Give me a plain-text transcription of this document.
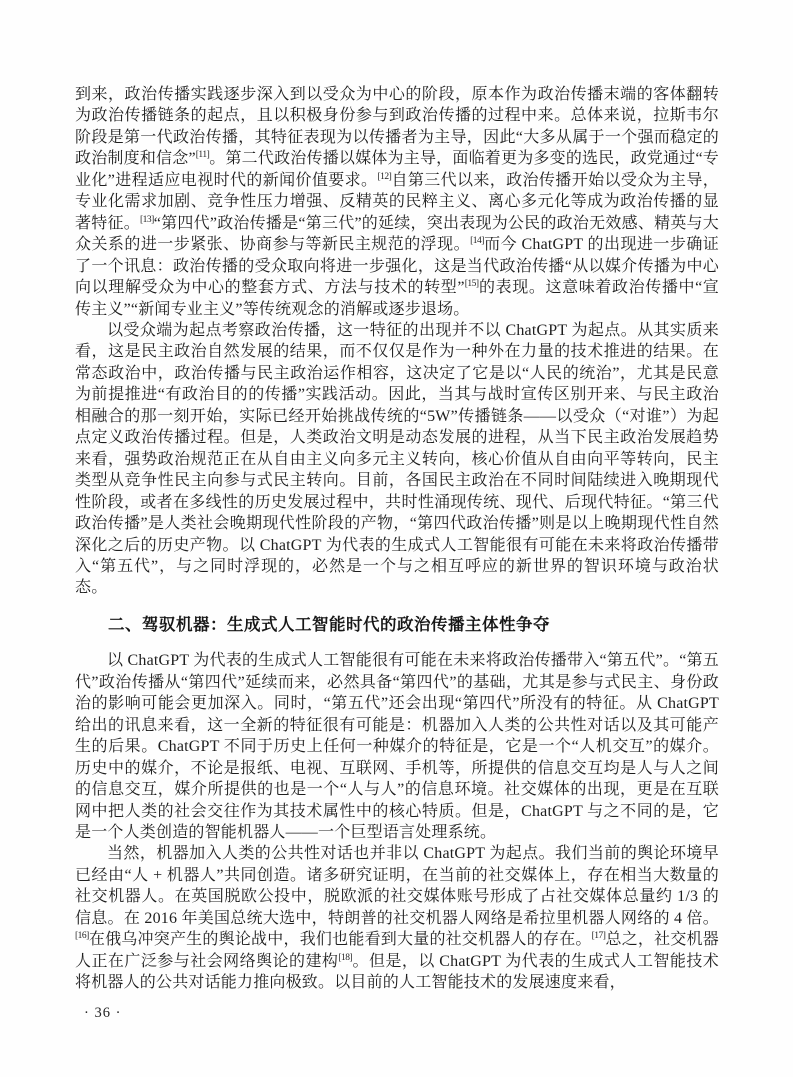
到来，政治传播实践逐步深入到以受众为中心的阶段，原本作为政治传播末端的客体翻转为政治传播链条的起点，且以积极身份参与到政治传播的过程中来。总体来说，拉斯韦尔阶段是第一代政治传播，其特征表现为以传播者为主导，因此“大多从属于一个强而稳定的政治制度和信念”[11]。第二代政治传播以媒体为主导，面临着更为多变的选民，政党通过“专业化”进程适应电视时代的新闻价值要求。[12]自第三代以来，政治传播开始以受众为主导，专业化需求加剧、竞争性压力增强、反精英的民粹主义、离心多元化等成为政治传播的显著特征。[13]“第四代”政治传播是“第三代”的延续，突出表现为公民的政治无效感、精英与大众关系的进一步紧张、协商参与等新民主规范的浮现。[14]而今 ChatGPT 的出现进一步确证了一个讯息：政治传播的受众取向将进一步强化，这是当代政治传播“从以媒介传播为中心向以理解受众为中心的整套方式、方法与技术的转型”[15]的表现。这意味着政治传播中“宣传主义”“新闻专业主义”等传统观念的消解或逐步退场。

以受众端为起点考察政治传播，这一特征的出现并不以 ChatGPT 为起点。从其实质来看，这是民主政治自然发展的结果，而不仅仅是作为一种外在力量的技术推进的结果。在常态政治中，政治传播与民主政治运作相容，这决定了它是以“人民的统治”，尤其是民意为前提推进“有政治目的的传播”实践活动。因此，当其与战时宣传区别开来、与民主政治相融合的那一刻开始，实际已经开始挑战传统的“5W”传播链条——以受众（“对谁”）为起点定义政治传播过程。但是，人类政治文明是动态发展的进程，从当下民主政治发展趋势来看，强势政治规范正在从自由主义向多元主义转向，核心价值从自由向平等转向，民主类型从竞争性民主向参与式民主转向。目前，各国民主政治在不同时间陆续进入晚期现代性阶段，或者在多线性的历史发展过程中，共时性涌现传统、现代、后现代特征。“第三代政治传播”是人类社会晚期现代性阶段的产物，“第四代政治传播”则是以上晚期现代性自然深化之后的历史产物。以 ChatGPT 为代表的生成式人工智能很有可能在未来将政治传播带入“第五代”，与之同时浮现的，必然是一个与之相互呼应的新世界的智识环境与政治状态。

二、驾驭机器：生成式人工智能时代的政治传播主体性争夺

以 ChatGPT 为代表的生成式人工智能很有可能在未来将政治传播带入“第五代”。“第五代”政治传播从“第四代”延续而来，必然具备“第四代”的基础，尤其是参与式民主、身份政治的影响可能会更加深入。同时，“第五代”还会出现“第四代”所没有的特征。从 ChatGPT 给出的讯息来看，这一全新的特征很有可能是：机器加入人类的公共性对话以及其可能产生的后果。ChatGPT 不同于历史上任何一种媒介的特征是，它是一个“人机交互”的媒介。历史中的媒介，不论是报纸、电视、互联网、手机等，所提供的信息交互均是人与人之间的信息交互，媒介所提供的也是一个“人与人”的信息环境。社交媒体的出现，更是在互联网中把人类的社会交往作为其技术属性中的核心特质。但是，ChatGPT 与之不同的是，它是一个人类创造的智能机器人——一个巨型语言处理系统。

当然，机器加入人类的公共性对话也并非以 ChatGPT 为起点。我们当前的舆论环境早已经由“人 + 机器人”共同创造。诸多研究证明，在当前的社交媒体上，存在相当大数量的社交机器人。在英国脱欧公投中，脱欧派的社交媒体账号形成了占社交媒体总量约 1/3 的信息。在 2016 年美国总统大选中，特朗普的社交机器人网络是希拉里机器人网络的 4 倍。[16]在俄乌冲突产生的舆论战中，我们也能看到大量的社交机器人的存在。[17]总之，社交机器人正在广泛参与社会网络舆论的建构[18]。但是，以 ChatGPT 为代表的生成式人工智能技术将机器人的公共对话能力推向极致。以目前的人工智能技术的发展速度来看，

· 36 ·
